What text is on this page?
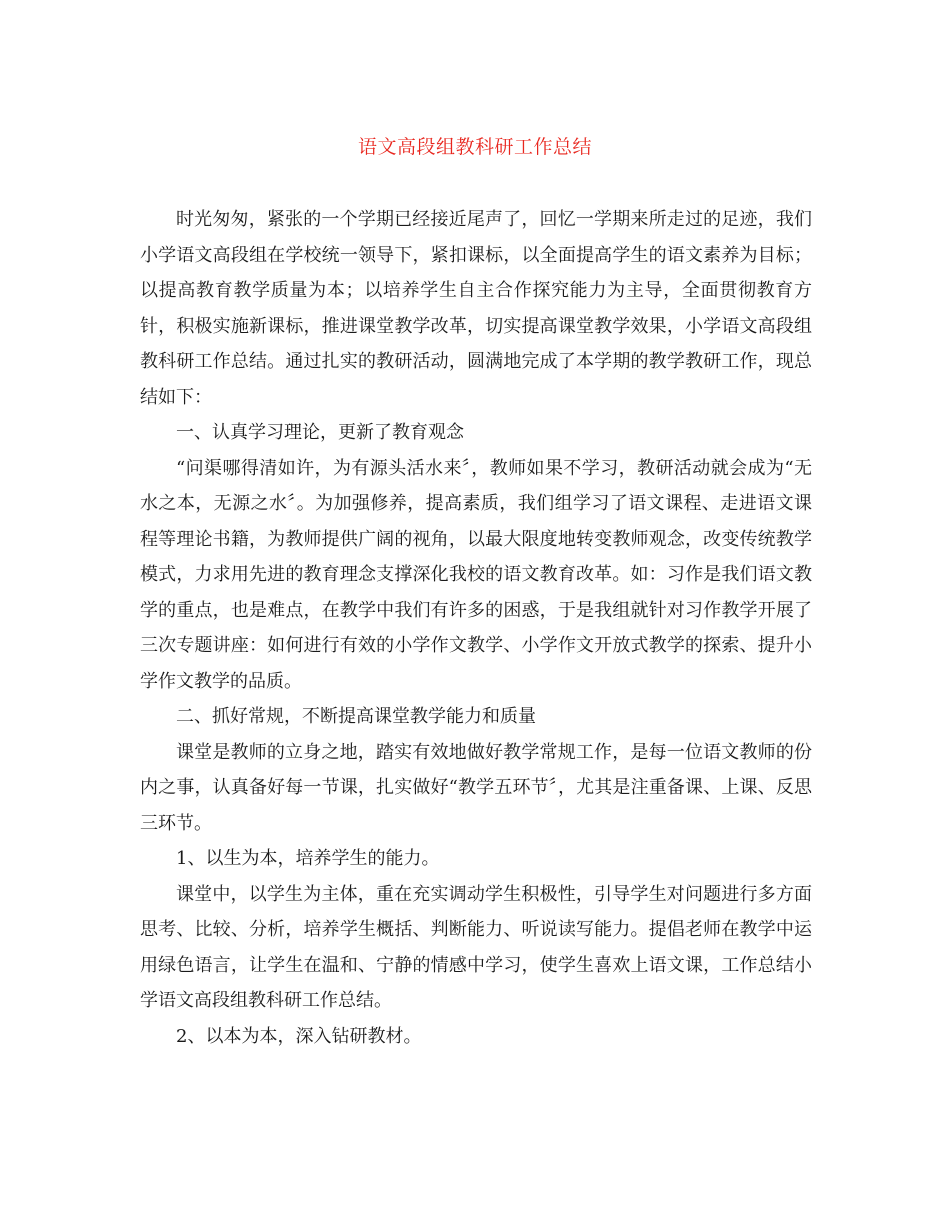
语文高段组教科研工作总结

时光匆匆，紧张的一个学期已经接近尾声了，回忆一学期来所走过的足迹，我们小学语文高段组在学校统一领导下，紧扣课标，以全面提高学生的语文素养为目标；以提高教育教学质量为本；以培养学生自主合作探究能力为主导，全面贯彻教育方针，积极实施新课标，推进课堂教学改革，切实提高课堂教学效果，小学语文高段组教科研工作总结。通过扎实的教研活动，圆满地完成了本学期的教学教研工作，现总结如下：

一、认真学习理论，更新了教育观念

“问渠哪得清如许，为有源头活水来〞，教师如果不学习，教研活动就会成为“无水之本，无源之水〞。为加强修养，提高素质，我们组学习了语文课程、走进语文课程等理论书籍，为教师提供广阔的视角，以最大限度地转变教师观念，改变传统教学模式，力求用先进的教育理念支撑深化我校的语文教育改革。如：习作是我们语文教学的重点，也是难点，在教学中我们有许多的困惑，于是我组就针对习作教学开展了三次专题讲座：如何进行有效的小学作文教学、小学作文开放式教学的探索、提升小学作文教学的品质。

二、抓好常规，不断提高课堂教学能力和质量

课堂是教师的立身之地，踏实有效地做好教学常规工作，是每一位语文教师的份内之事，认真备好每一节课，扎实做好“教学五环节〞，尤其是注重备课、上课、反思三环节。

1、以生为本，培养学生的能力。

课堂中，以学生为主体，重在充实调动学生积极性，引导学生对问题进行多方面思考、比较、分析，培养学生概括、判断能力、听说读写能力。提倡老师在教学中运用绿色语言，让学生在温和、宁静的情感中学习，使学生喜欢上语文课，工作总结小学语文高段组教科研工作总结。

2、以本为本，深入钻研教材。
